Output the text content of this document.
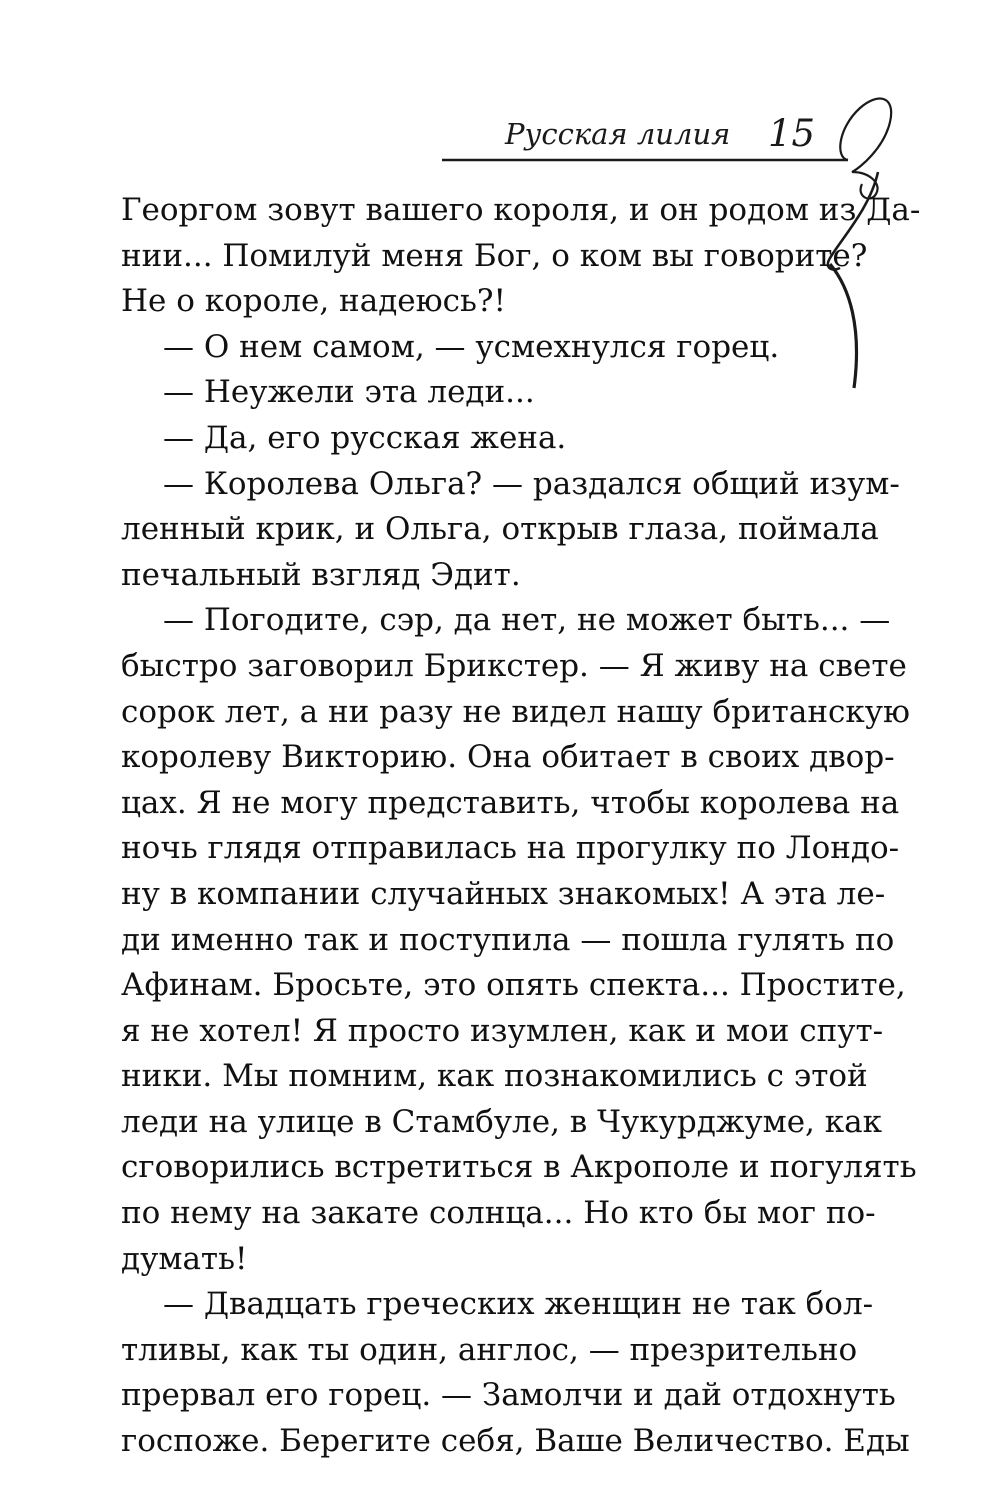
Русская лилия 15
Георгом зовут вашего короля, и он родом из Да-
нии... Помилуй меня Бог, о ком вы говорите?
Не о короле, надеюсь?!
— О нем самом, — усмехнулся горец.
— Неужели эта леди...
— Да, его русская жена.
— Королева Ольга? — раздался общий изум-
ленный крик, и Ольга, открыв глаза, поймала
печальный взгляд Эдит.
— Погодите, сэр, да нет, не может быть... —
быстро заговорил Брикстер. — Я живу на свете
сорок лет, а ни разу не видел нашу британскую
королеву Викторию. Она обитает в своих двор-
цах. Я не могу представить, чтобы королева на
ночь глядя отправилась на прогулку по Лондо-
ну в компании случайных знакомых! А эта ле-
ди именно так и поступила — пошла гулять по
Афинам. Бросьте, это опять спекта... Простите,
я не хотел! Я просто изумлен, как и мои спут-
ники. Мы помним, как познакомились с этой
леди на улице в Стамбуле, в Чукурджуме, как
сговорились встретиться в Акрополе и погулять
по нему на закате солнца... Но кто бы мог по-
думать!
— Двадцать греческих женщин не так бол-
тливы, как ты один, англос, — презрительно
прервал его горец. — Замолчи и дай отдохнуть
госпоже. Берегите себя, Ваше Величество. Еды
